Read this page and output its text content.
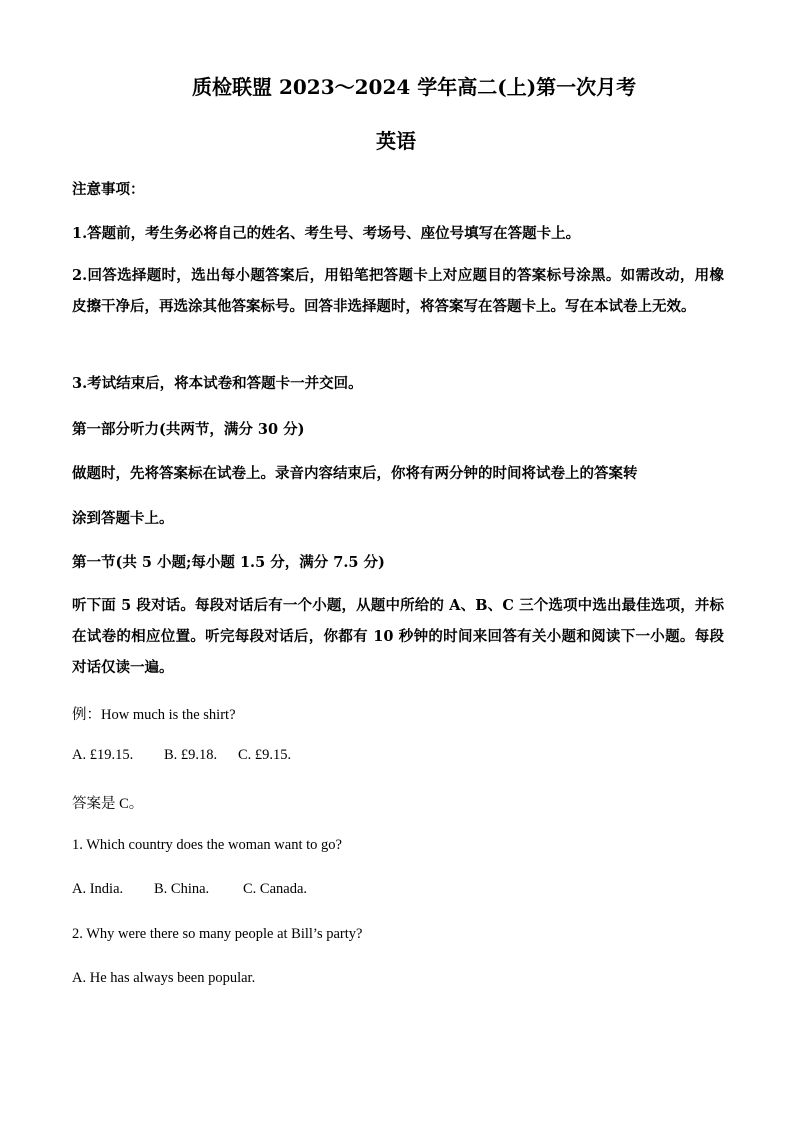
质检联盟 2023～2024 学年高二(上)第一次月考
英语
注意事项：
1.答题前，考生务必将自己的姓名、考生号、考场号、座位号填写在答题卡上。
2.回答选择题时，选出每小题答案后，用铅笔把答题卡上对应题目的答案标号涂黑。如需改动，用橡皮擦干净后，再选涂其他答案标号。回答非选择题时，将答案写在答题卡上。写在本试卷上无效。
3.考试结束后，将本试卷和答题卡一并交回。
第一部分听力(共两节，满分 30 分)
做题时，先将答案标在试卷上。录音内容结束后，你将有两分钟的时间将试卷上的答案转
涂到答题卡上。
第一节(共 5 小题;每小题 1.5 分，满分 7.5 分)
听下面 5 段对话。每段对话后有一个小题，从题中所给的 A、B、C 三个选项中选出最佳选项，并标在试卷的相应位置。听完每段对话后，你都有 10 秒钟的时间来回答有关小题和阅读下一小题。每段对话仅读一遍。
例：How much is the shirt?
A. £19.15. B. £9.18. C. £9.15.
答案是 C。
1. Which country does the woman want to go?
A. India. B. China. C. Canada.
2. Why were there so many people at Bill’s party?
A. He has always been popular.
